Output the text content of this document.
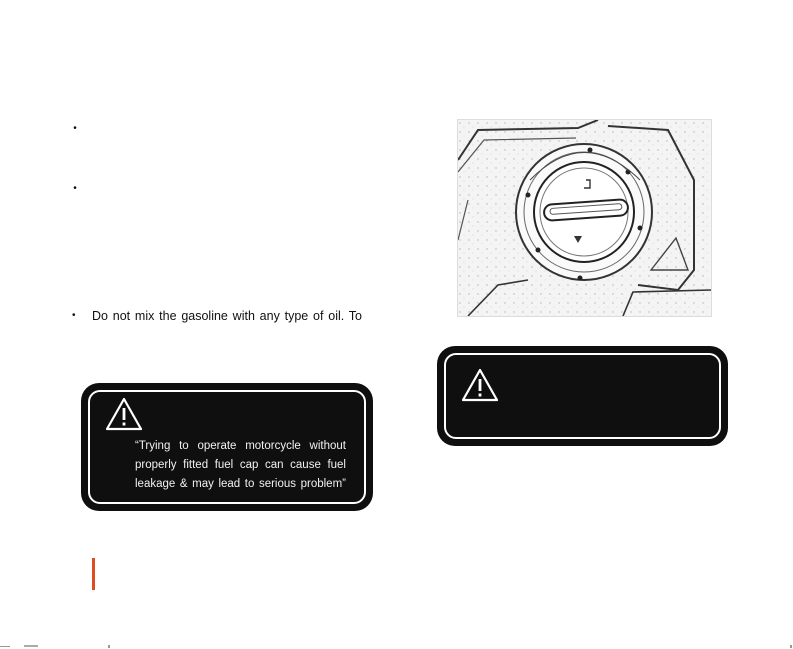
•
•
•	Do not mix the gasoline with any type of oil. To

“Trying to operate motorcycle without

properly fitted fuel cap can cause fuel

leakage & may lead to serious problem”
